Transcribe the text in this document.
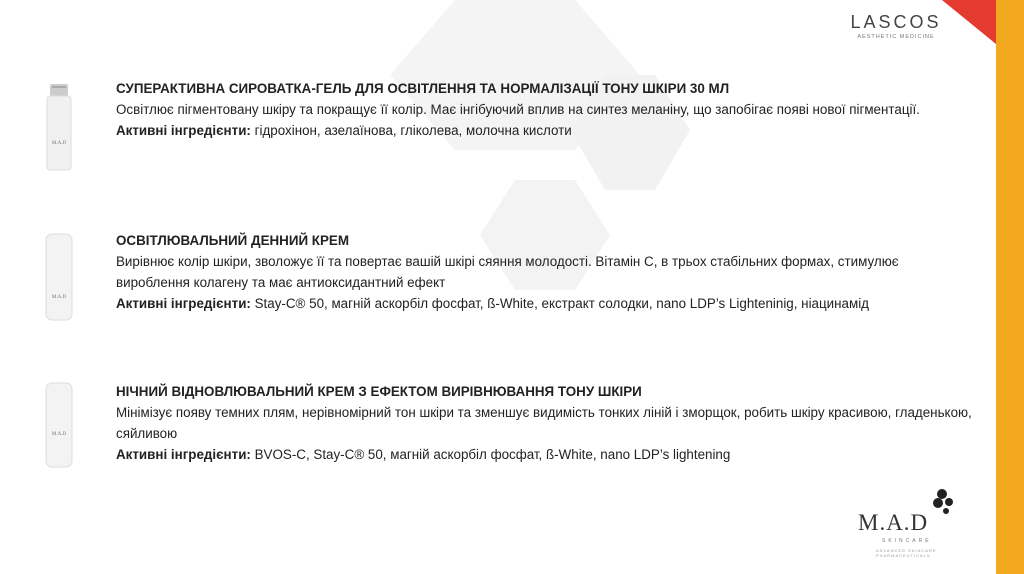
LASCOS
AESTHETIC MEDICINE
M.A.D
СУПЕРАКТИВНА СИРОВАТКА-ГЕЛЬ ДЛЯ ОСВІТЛЕННЯ ТА НОРМАЛІЗАЦІЇ ТОНУ ШКІРИ 30 МЛ
Освітлює пігментовану шкіру та покращує її колір. Має інгібуючий вплив на синтез меланіну, що запобігає появі нової пігментації.
Активні інгредієнти: гідрохінон, азелаїнова, гліколева, молочна кислоти
M.A.D
ОСВІТЛЮВАЛЬНИЙ ДЕННИЙ КРЕМ
Вирівнює колір шкіри, зволожує її та повертає вашій шкірі сяяння молодості. Вітамін С, в трьох стабільних формах, стимулює вироблення колагену та має антиоксидантний ефект
Активні інгредієнти: Stay-C® 50, магній аскорбіл фосфат, ß-White, екстракт солодки, nano LDP’s Lighteninig, ніацинамід
M.A.D
НІЧНИЙ ВІДНОВЛЮВАЛЬНИЙ КРЕМ З ЕФЕКТОМ ВИРІВНЮВАННЯ ТОНУ ШКІРИ
Мінімізує появу темних плям, нерівномірний тон шкіри та зменшує видимість тонких ліній і зморщок, робить шкіру красивою, гладенькою, сяйливою
Активні інгредієнти: BVOS-C, Stay-C® 50, магній аскорбіл фосфат, ß-White, nano LDP’s lightening
M.A.D
SKINCARE
ADVANCED SKINCARE PHARMACEUTICALS
